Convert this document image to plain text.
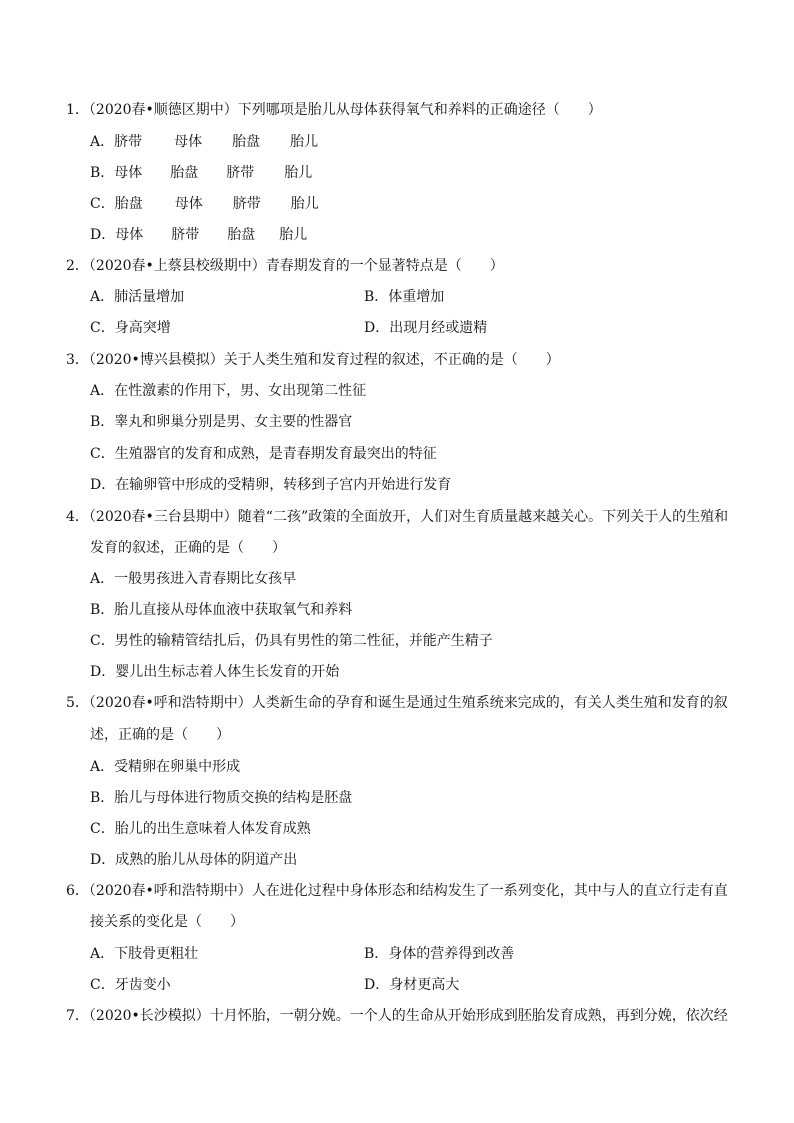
1．（2020春•顺德区期中）下列哪项是胎儿从母体获得氧气和养料的正确途径（　　）
A．脐带 母体 胎盘 胎儿
B．母体 胎盘 脐带 胎儿
C．胎盘 母体 脐带 胎儿
D．母体 脐带 胎盘 胎儿
2．（2020春•上蔡县校级期中）青春期发育的一个显著特点是（　　）
A．肺活量增加	B．体重增加
C．身高突增	D．出现月经或遗精
3．（2020•博兴县模拟）关于人类生殖和发育过程的叙述，不正确的是（　　）
A．在性激素的作用下，男、女出现第二性征
B．睾丸和卵巢分别是男、女主要的性器官
C．生殖器官的发育和成熟，是青春期发育最突出的特征
D．在输卵管中形成的受精卵，转移到子宫内开始进行发育
4．（2020春•三台县期中）随着“二孩”政策的全面放开，人们对生育质量越来越关心。下列关于人的生殖和
发育的叙述，正确的是（　　）
A．一般男孩进入青春期比女孩早
B．胎儿直接从母体血液中获取氧气和养料
C．男性的输精管结扎后，仍具有男性的第二性征，并能产生精子
D．婴儿出生标志着人体生长发育的开始
5．（2020春•呼和浩特期中）人类新生命的孕育和诞生是通过生殖系统来完成的，有关人类生殖和发育的叙
述，正确的是（　　）
A．受精卵在卵巢中形成
B．胎儿与母体进行物质交换的结构是胚盘
C．胎儿的出生意味着人体发育成熟
D．成熟的胎儿从母体的阴道产出
6．（2020春•呼和浩特期中）人在进化过程中身体形态和结构发生了一系列变化，其中与人的直立行走有直
接关系的变化是（　　）
A．下肢骨更粗壮	B．身体的营养得到改善
C．牙齿变小	D．身材更高大
7．（2020•长沙模拟）十月怀胎，一朝分娩。一个人的生命从开始形成到胚胎发育成熟，再到分娩，依次经
